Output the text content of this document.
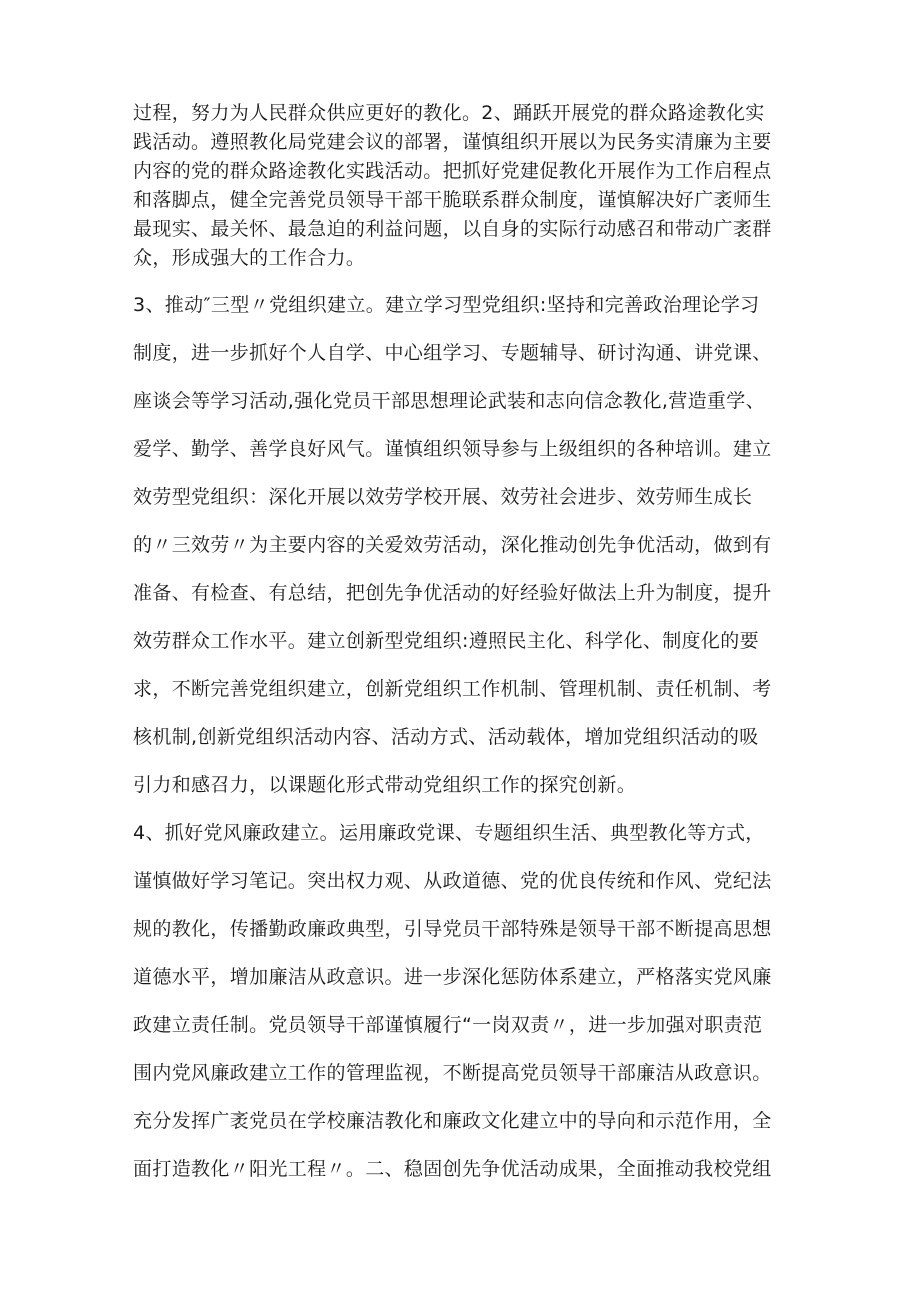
过程，努力为人民群众供应更好的教化。2、踊跃开展党的群众路途教化实
践活动。遵照教化局党建会议的部署，谨慎组织开展以为民务实清廉为主要
内容的党的群众路途教化实践活动。把抓好党建促教化开展作为工作启程点
和落脚点，健全完善党员领导干部干脆联系群众制度，谨慎解决好广袤师生
最现实、最关怀、最急迫的利益问题，以自身的实际行动感召和带动广袤群
众，形成强大的工作合力。
3、推动″三型〃党组织建立。建立学习型党组织:坚持和完善政治理论学习
制度，进一步抓好个人自学、中心组学习、专题辅导、研讨沟通、讲党课、
座谈会等学习活动,强化党员干部思想理论武装和志向信念教化,营造重学、
爱学、勤学、善学良好风气。谨慎组织领导参与上级组织的各种培训。建立
效劳型党组织：深化开展以效劳学校开展、效劳社会进步、效劳师生成长
的〃三效劳〃为主要内容的关爱效劳活动，深化推动创先争优活动，做到有
准备、有检查、有总结，把创先争优活动的好经验好做法上升为制度，提升
效劳群众工作水平。建立创新型党组织:遵照民主化、科学化、制度化的要
求，不断完善党组织建立，创新党组织工作机制、管理机制、责任机制、考
核机制,创新党组织活动内容、活动方式、活动载体，增加党组织活动的吸
引力和感召力，以课题化形式带动党组织工作的探究创新。
4、抓好党风廉政建立。运用廉政党课、专题组织生活、典型教化等方式，
谨慎做好学习笔记。突出权力观、从政道德、党的优良传统和作风、党纪法
规的教化，传播勤政廉政典型，引导党员干部特殊是领导干部不断提高思想
道德水平，增加廉洁从政意识。进一步深化惩防体系建立，严格落实党风廉
政建立责任制。党员领导干部谨慎履行“一岗双责〃，进一步加强对职责范
围内党风廉政建立工作的管理监视，不断提高党员领导干部廉洁从政意识。
充分发挥广袤党员在学校廉洁教化和廉政文化建立中的导向和示范作用，全
面打造教化〃阳光工程〃。二、稳固创先争优活动成果，全面推动我校党组
